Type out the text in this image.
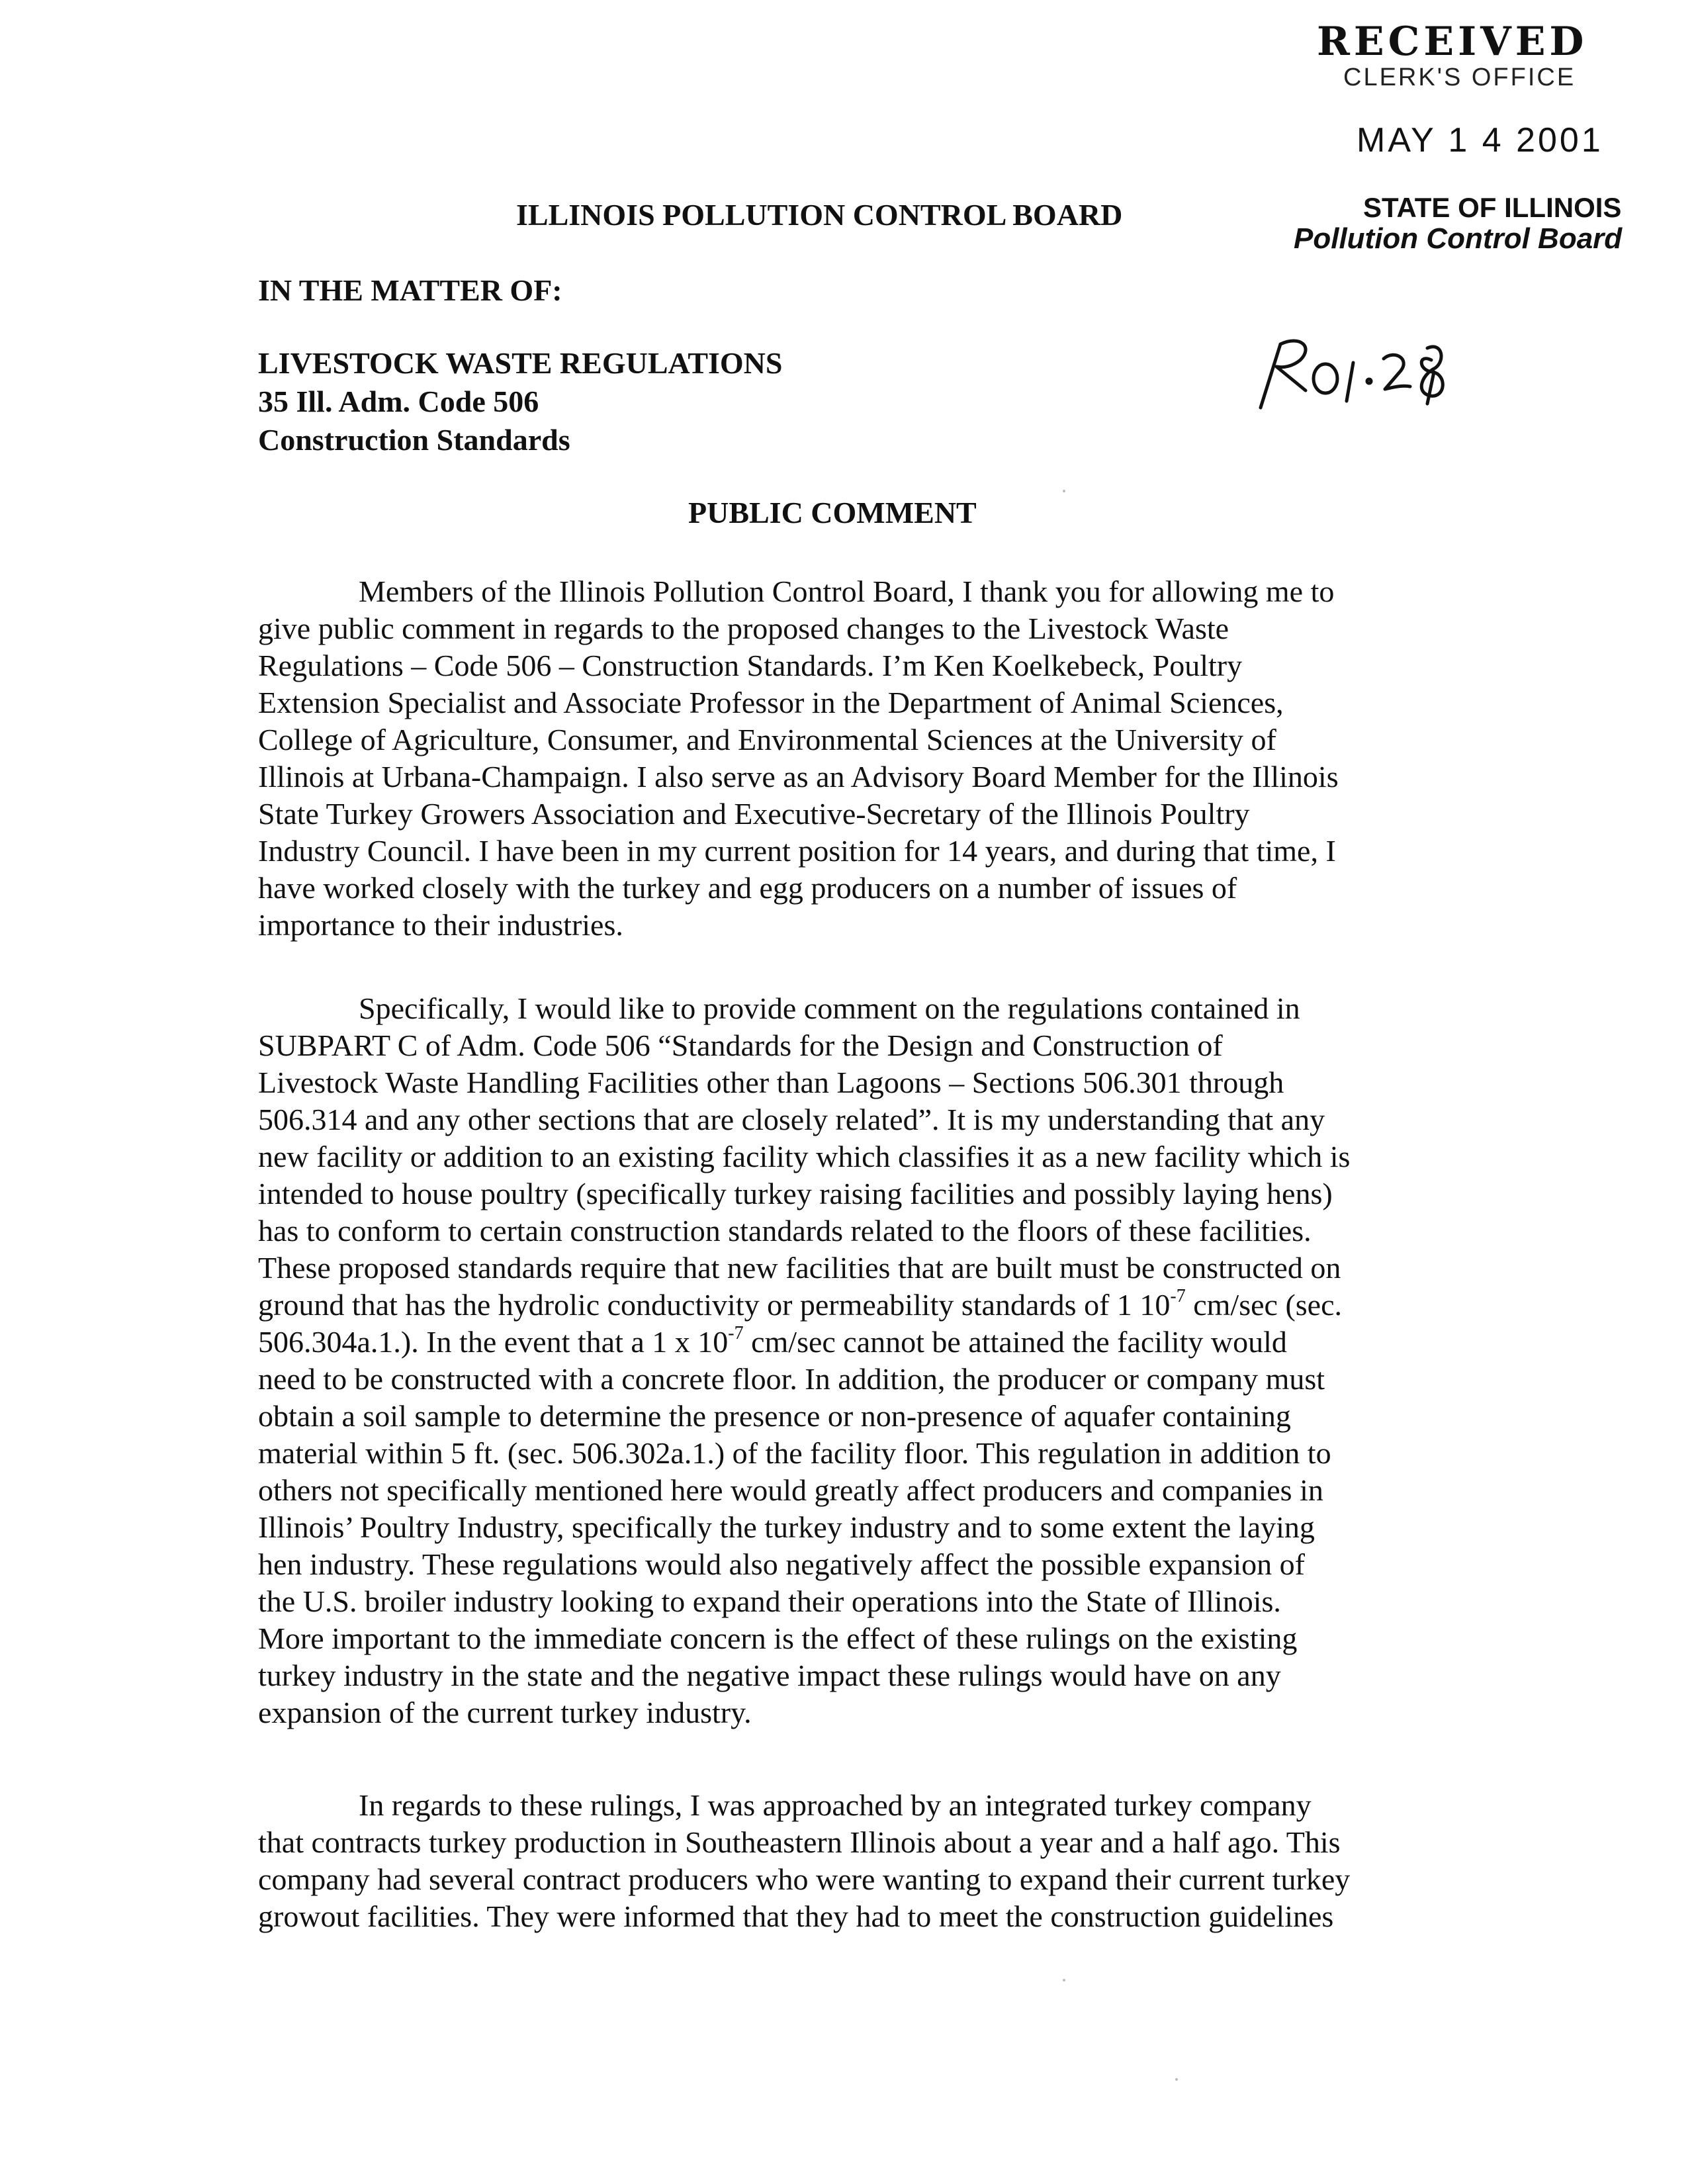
RECEIVED
CLERK'S OFFICE
MAY 1 4 2001
STATE OF ILLINOIS
Pollution Control Board
ILLINOIS POLLUTION CONTROL BOARD
IN THE MATTER OF:
LIVESTOCK WASTE REGULATIONS
35 Ill. Adm. Code 506
Construction Standards
PUBLIC COMMENT
Members of the Illinois Pollution Control Board, I thank you for allowing me to
give public comment in regards to the proposed changes to the Livestock Waste
Regulations – Code 506 – Construction Standards. I’m Ken Koelkebeck, Poultry
Extension Specialist and Associate Professor in the Department of Animal Sciences,
College of Agriculture, Consumer, and Environmental Sciences at the University of
Illinois at Urbana-Champaign. I also serve as an Advisory Board Member for the Illinois
State Turkey Growers Association and Executive-Secretary of the Illinois Poultry
Industry Council. I have been in my current position for 14 years, and during that time, I
have worked closely with the turkey and egg producers on a number of issues of
importance to their industries.
Specifically, I would like to provide comment on the regulations contained in
SUBPART C of Adm. Code 506 “Standards for the Design and Construction of
Livestock Waste Handling Facilities other than Lagoons – Sections 506.301 through
506.314 and any other sections that are closely related”. It is my understanding that any
new facility or addition to an existing facility which classifies it as a new facility which is
intended to house poultry (specifically turkey raising facilities and possibly laying hens)
has to conform to certain construction standards related to the floors of these facilities.
These proposed standards require that new facilities that are built must be constructed on
ground that has the hydrolic conductivity or permeability standards of 1 $10^{-7}$ cm/sec (sec.
506.304a.1.). In the event that a 1 x $10^{-7}$ cm/sec cannot be attained the facility would
need to be constructed with a concrete floor. In addition, the producer or company must
obtain a soil sample to determine the presence or non-presence of aquafer containing
material within 5 ft. (sec. 506.302a.1.) of the facility floor. This regulation in addition to
others not specifically mentioned here would greatly affect producers and companies in
Illinois’ Poultry Industry, specifically the turkey industry and to some extent the laying
hen industry. These regulations would also negatively affect the possible expansion of
the U.S. broiler industry looking to expand their operations into the State of Illinois.
More important to the immediate concern is the effect of these rulings on the existing
turkey industry in the state and the negative impact these rulings would have on any
expansion of the current turkey industry.
In regards to these rulings, I was approached by an integrated turkey company
that contracts turkey production in Southeastern Illinois about a year and a half ago. This
company had several contract producers who were wanting to expand their current turkey
growout facilities. They were informed that they had to meet the construction guidelines
